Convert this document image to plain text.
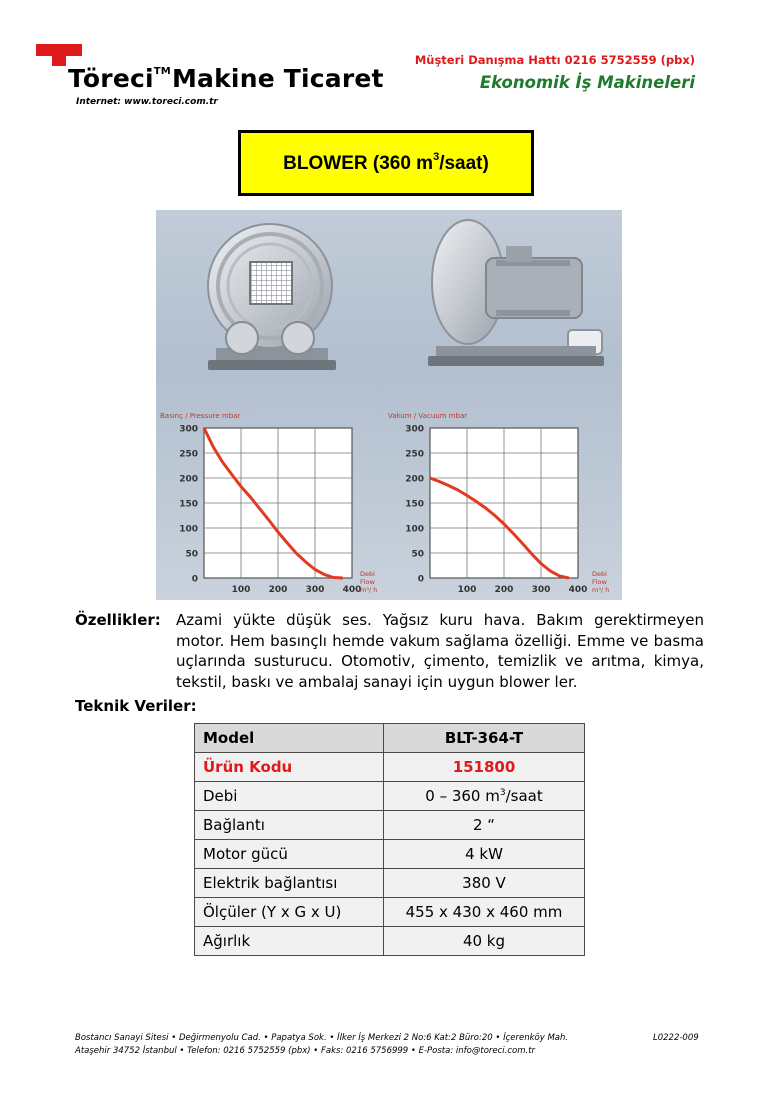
Töreci™Makine Ticaret
Internet: www.toreci.com.tr
Müşteri Danışma Hattı 0216 5752559 (pbx)
Ekonomik İş Makineleri
BLOWER (360 $m^3/saat$)
Basınç / Pressure mbar
0
50
100
150
200
250
300
100 200 300 400
Debi
Flow
m³/ h
Vakum / Vacuum mbar
0
50
100
150
200
250
300
100 200 300 400
Debi
Flow
m³/ h
Özellikler: Azami yükte düşük ses. Yağsız kuru hava. Bakım gerektirmeyen motor. Hem basınçlı hemde vakum sağlama özelliği. Emme ve basma uçlarında susturucu. Otomotiv, çimento, temizlik ve arıtma, kimya, tekstil, baskı ve ambalaj sanayi için uygun blower ler.
Teknik Veriler:
Model	BLT-364-T
Ürün Kodu	151800
Debi	0 – 360 $m^3$/saat
Bağlantı	2 “
Motor gücü	4 kW
Elektrik bağlantısı	380 V
Ölçüler (Y x G x U)	455 x 430 x 460 mm
Ağırlık	40 kg
Bostancı Sanayi Sitesi • Değirmenyolu Cad. • Papatya Sok. • İlker İş Merkezi 2 No:6 Kat:2 Büro:20 • İçerenköy Mah.
Ataşehir 34752 İstanbul • Telefon: 0216 5752559 (pbx) • Faks: 0216 5756999 • E-Posta: info@toreci.com.tr
L0222-009
